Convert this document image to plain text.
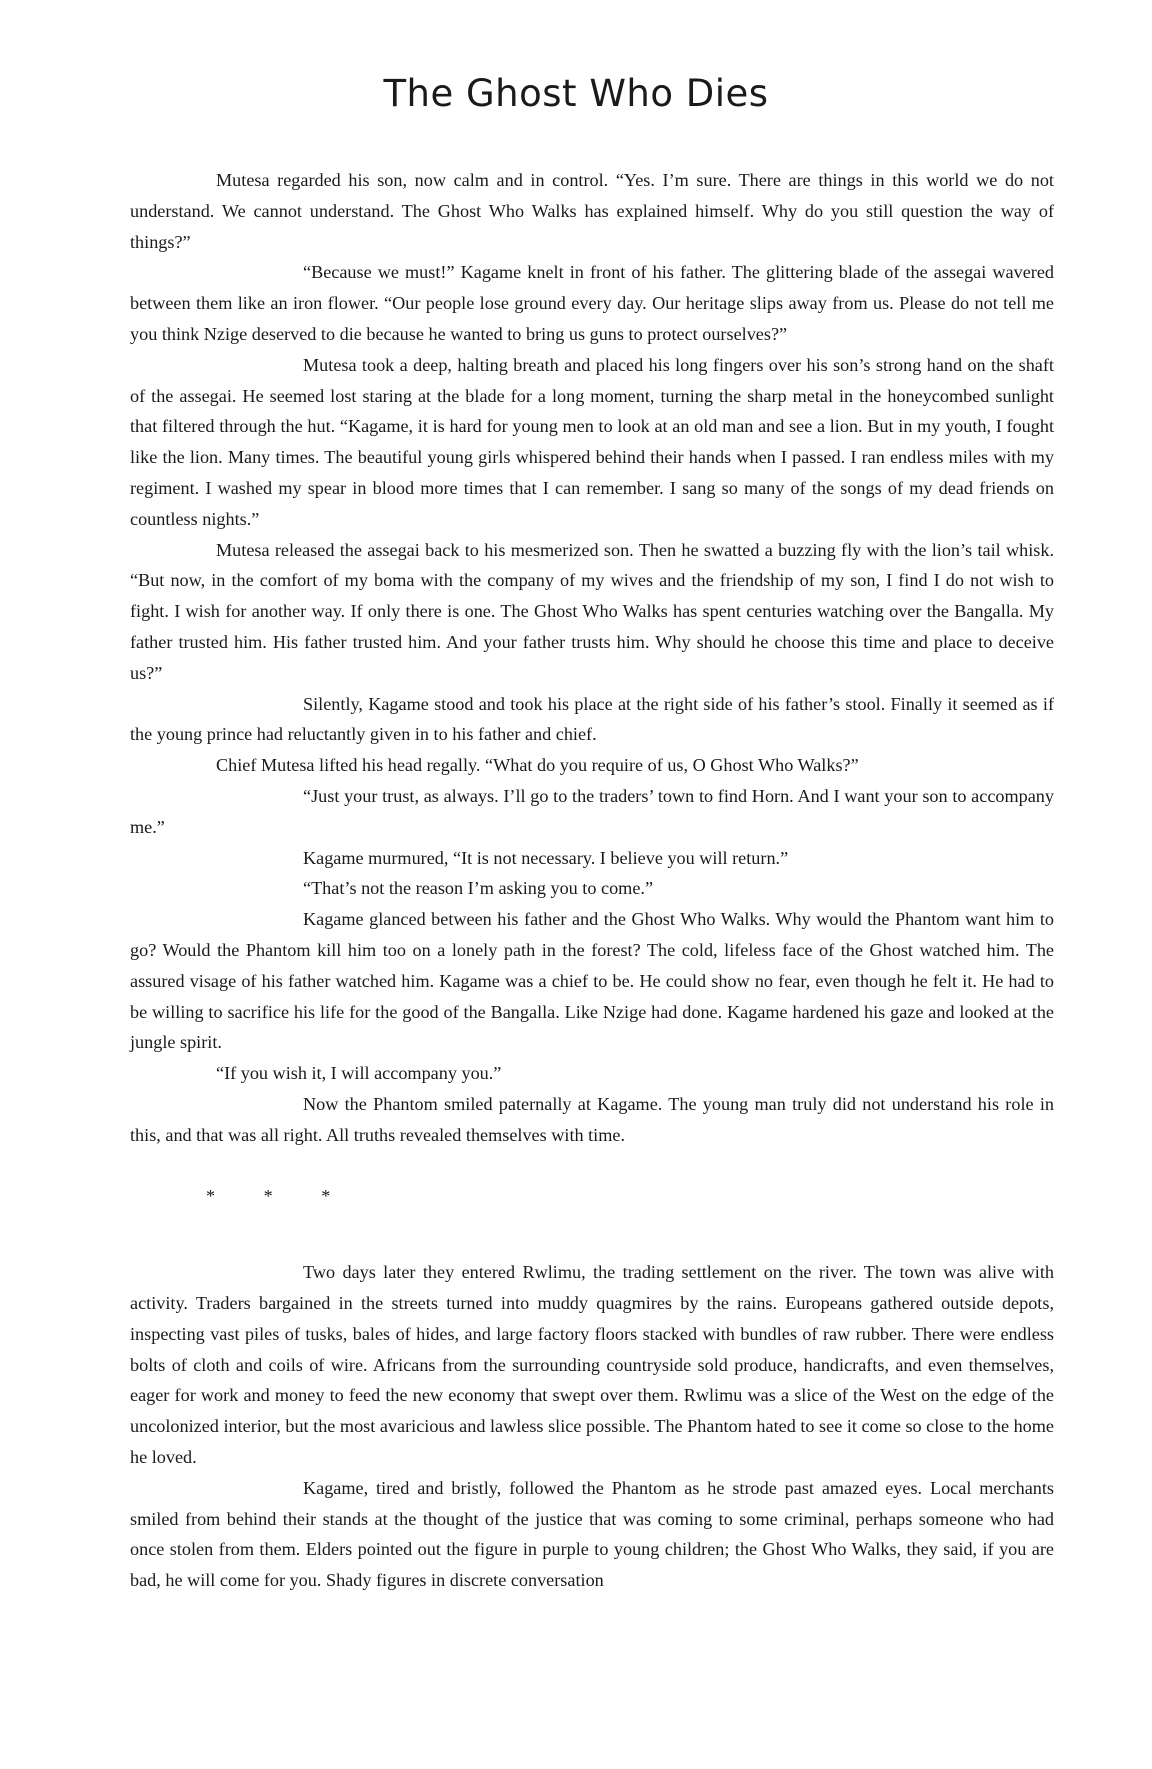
The Ghost Who Dies

Mutesa regarded his son, now calm and in control. “Yes. I’m sure. There are things in this world we do not understand. We cannot understand. The Ghost Who Walks has explained himself. Why do you still question the way of things?”

“Because we must!” Kagame knelt in front of his father. The glittering blade of the assegai wavered between them like an iron flower. “Our people lose ground every day. Our heritage slips away from us. Please do not tell me you think Nzige deserved to die because he wanted to bring us guns to protect ourselves?”

Mutesa took a deep, halting breath and placed his long fingers over his son’s strong hand on the shaft of the assegai. He seemed lost staring at the blade for a long moment, turning the sharp metal in the honeycombed sunlight that filtered through the hut. “Kagame, it is hard for young men to look at an old man and see a lion. But in my youth, I fought like the lion. Many times. The beautiful young girls whispered behind their hands when I passed. I ran endless miles with my regiment. I washed my spear in blood more times that I can remember. I sang so many of the songs of my dead friends on countless nights.”

Mutesa released the assegai back to his mesmerized son. Then he swatted a buzzing fly with the lion’s tail whisk. “But now, in the comfort of my boma with the company of my wives and the friendship of my son, I find I do not wish to fight. I wish for another way. If only there is one. The Ghost Who Walks has spent centuries watching over the Bangalla. My father trusted him. His father trusted him. And your father trusts him. Why should he choose this time and place to deceive us?”

Silently, Kagame stood and took his place at the right side of his father’s stool. Finally it seemed as if the young prince had reluctantly given in to his father and chief.

Chief Mutesa lifted his head regally. “What do you require of us, O Ghost Who Walks?”

“Just your trust, as always. I’ll go to the traders’ town to find Horn. And I want your son to accompany me.”

Kagame murmured, “It is not necessary. I believe you will return.”

“That’s not the reason I’m asking you to come.”

Kagame glanced between his father and the Ghost Who Walks. Why would the Phantom want him to go? Would the Phantom kill him too on a lonely path in the forest? The cold, lifeless face of the Ghost watched him. The assured visage of his father watched him. Kagame was a chief to be. He could show no fear, even though he felt it. He had to be willing to sacrifice his life for the good of the Bangalla. Like Nzige had done. Kagame hardened his gaze and looked at the jungle spirit.

“If you wish it, I will accompany you.”

Now the Phantom smiled paternally at Kagame. The young man truly did not understand his role in this, and that was all right. All truths revealed themselves with time.

* * *

Two days later they entered Rwlimu, the trading settlement on the river. The town was alive with activity. Traders bargained in the streets turned into muddy quagmires by the rains. Europeans gathered outside depots, inspecting vast piles of tusks, bales of hides, and large factory floors stacked with bundles of raw rubber. There were endless bolts of cloth and coils of wire. Africans from the surrounding countryside sold produce, handicrafts, and even themselves, eager for work and money to feed the new economy that swept over them. Rwlimu was a slice of the West on the edge of the uncolonized interior, but the most avaricious and lawless slice possible. The Phantom hated to see it come so close to the home he loved.

Kagame, tired and bristly, followed the Phantom as he strode past amazed eyes. Local merchants smiled from behind their stands at the thought of the justice that was coming to some criminal, perhaps someone who had once stolen from them. Elders pointed out the figure in purple to young children; the Ghost Who Walks, they said, if you are bad, he will come for you. Shady figures in discrete conversation
